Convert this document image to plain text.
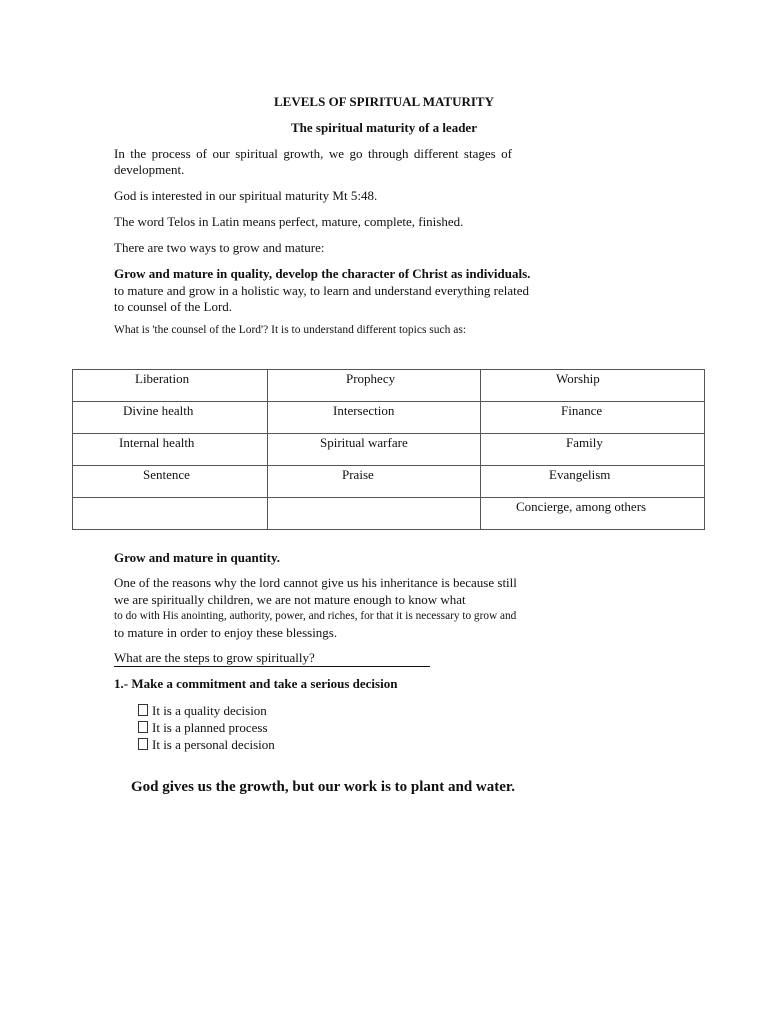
LEVELS OF SPIRITUAL MATURITY
The spiritual maturity of a leader

In the process of our spiritual growth, we go through different stages of development.

God is interested in our spiritual maturity Mt 5:48.

The word Telos in Latin means perfect, mature, complete, finished.

There are two ways to grow and mature:

Grow and mature in quality, develop the character of Christ as individuals.

to mature and grow in a holistic way, to learn and understand everything related to counsel of the Lord.

What is 'the counsel of the Lord'? It is to understand different topics such as:

Liberation	Prophecy	Worship
Divine health	Intersection	Finance
Internal health	Spiritual warfare	Family
Sentence	Praise	Evangelism
		Concierge, among others

Grow and mature in quantity.

One of the reasons why the lord cannot give us his inheritance is because still

we are spiritually children, we are not mature enough to know what

to do with His anointing, authority, power, and riches, for that it is necessary to grow and

to mature in order to enjoy these blessings.

What are the steps to grow spiritually?

1.- Make a commitment and take a serious decision

It is a quality decision
It is a planned process
It is a personal decision

God gives us the growth, but our work is to plant and water.
